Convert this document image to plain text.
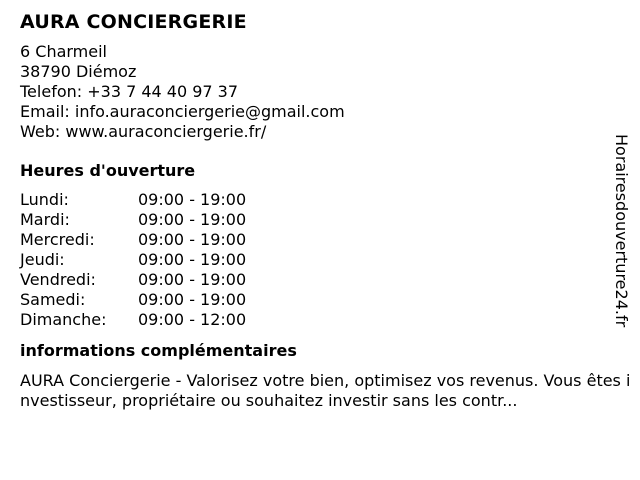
AURA CONCIERGERIE
6 Charmeil
38790 Diémoz
Telefon: +33 7 44 40 97 37
Email: info.auraconciergerie@gmail.com
Web: www.auraconciergerie.fr/
Heures d'ouverture
Lundi:	09:00 - 19:00
Mardi:	09:00 - 19:00
Mercredi:	09:00 - 19:00
Jeudi:	09:00 - 19:00
Vendredi:	09:00 - 19:00
Samedi:	09:00 - 19:00
Dimanche:	09:00 - 12:00
informations complémentaires
AURA Conciergerie - Valorisez votre bien, optimisez vos revenus. Vous êtes investisseur, propriétaire ou souhaitez investir sans les contr...
Horairesdouverture24.fr
